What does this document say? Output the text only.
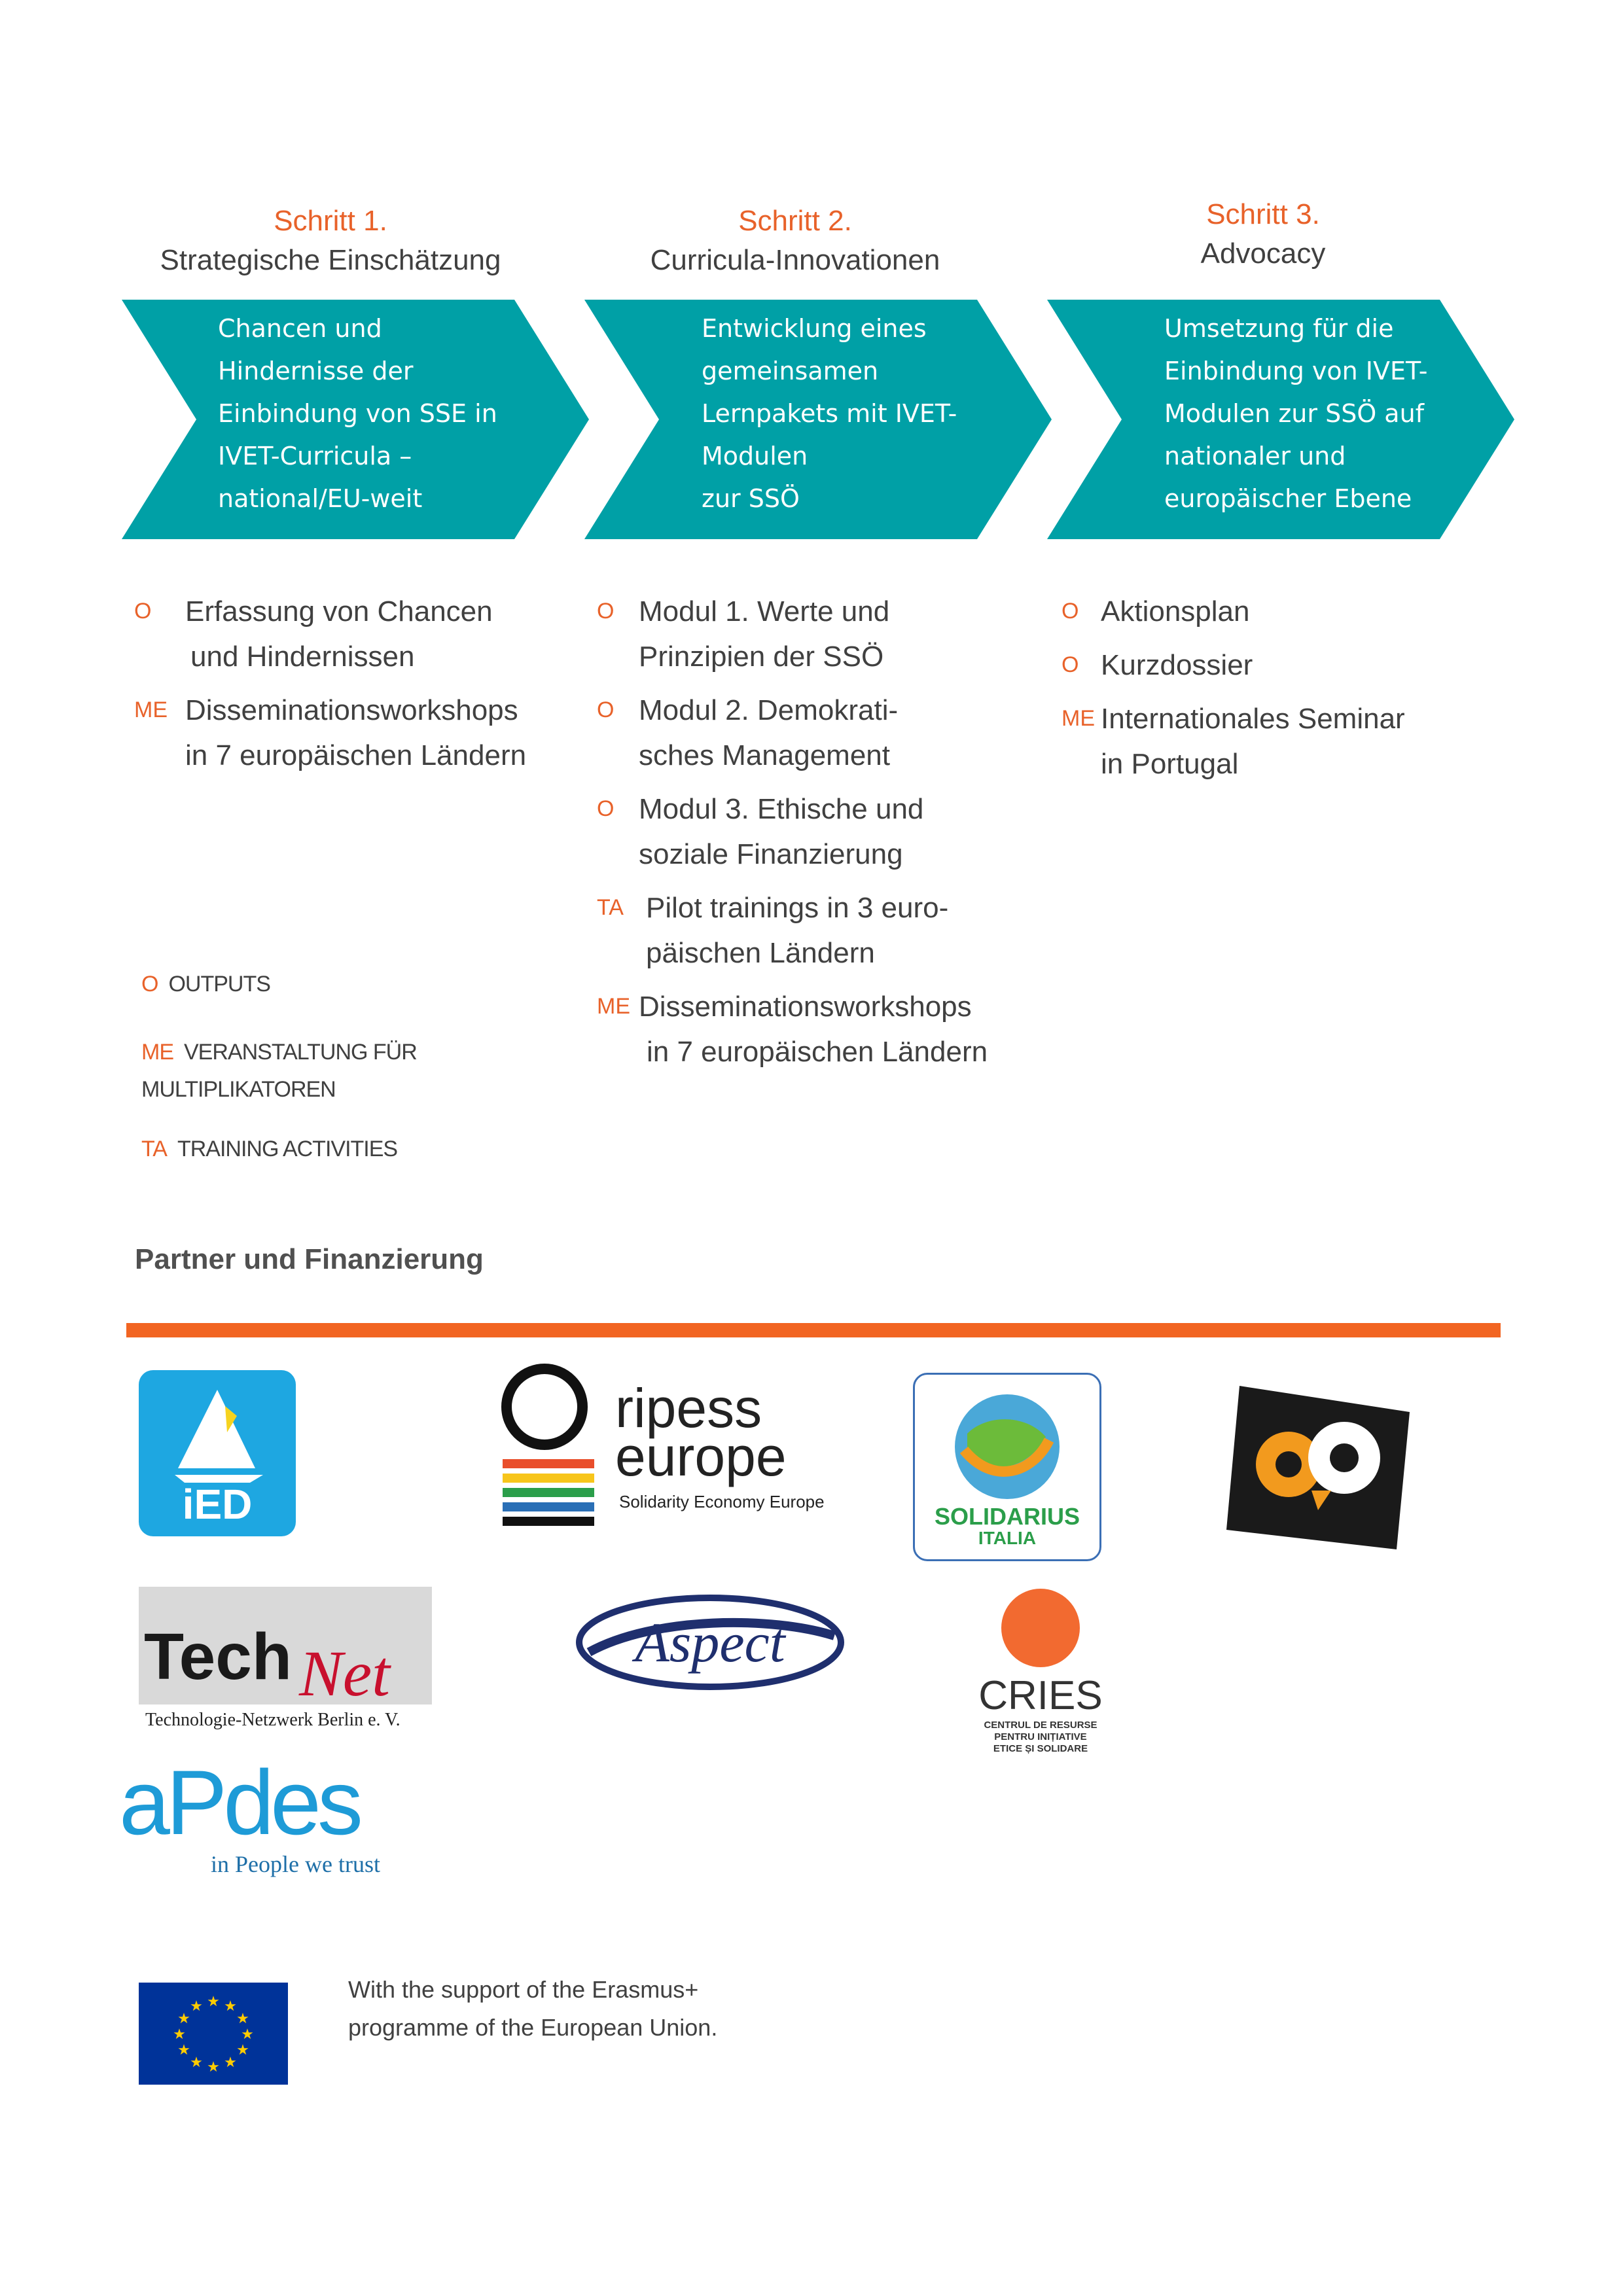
Schritt 1.
Strategische Einschätzung
Schritt 2.
Curricula-Innovationen
Schritt 3.
Advocacy
Chancen und
Hindernisse der
Einbindung von SSE in
IVET-Curricula –
national/EU-weit
Entwicklung eines
gemeinsamen
Lernpakets mit IVET-
Modulen
zur SSÖ
Umsetzung für die
Einbindung von IVET-
Modulen zur SSÖ auf
nationaler und
europäischer Ebene
O Erfassung von Chancen
und Hindernissen
ME Disseminationsworkshops
in 7 europäischen Ländern
O Modul 1. Werte und
Prinzipien der SSÖ
O Modul 2. Demokrati-
sches Management
O Modul 3. Ethische und
soziale Finanzierung
TA Pilot trainings in 3 euro-
päischen Ländern
ME Disseminationsworkshops
in 7 europäischen Ländern
O Aktionsplan
O Kurzdossier
ME Internationales Seminar
in Portugal
O OUTPUTS
ME VERANSTALTUNG FÜR
MULTIPLIKATOREN
TA TRAINING ACTIVITIES
Partner und Finanzierung
iED
ripess
europe
Solidarity Economy Europe
SOLIDARIUS
ITALIA
Tech Net
Technologie-Netzwerk Berlin e. V.
Aspect
CRIES
CENTRUL DE RESURSE
PENTRU INIȚIATIVE
ETICE ȘI SOLIDARE
aPdes
in People we trust
★ ★
★
★
★
★
★
★
★
★
★
★
With the support of the Erasmus+
programme of the European Union.
